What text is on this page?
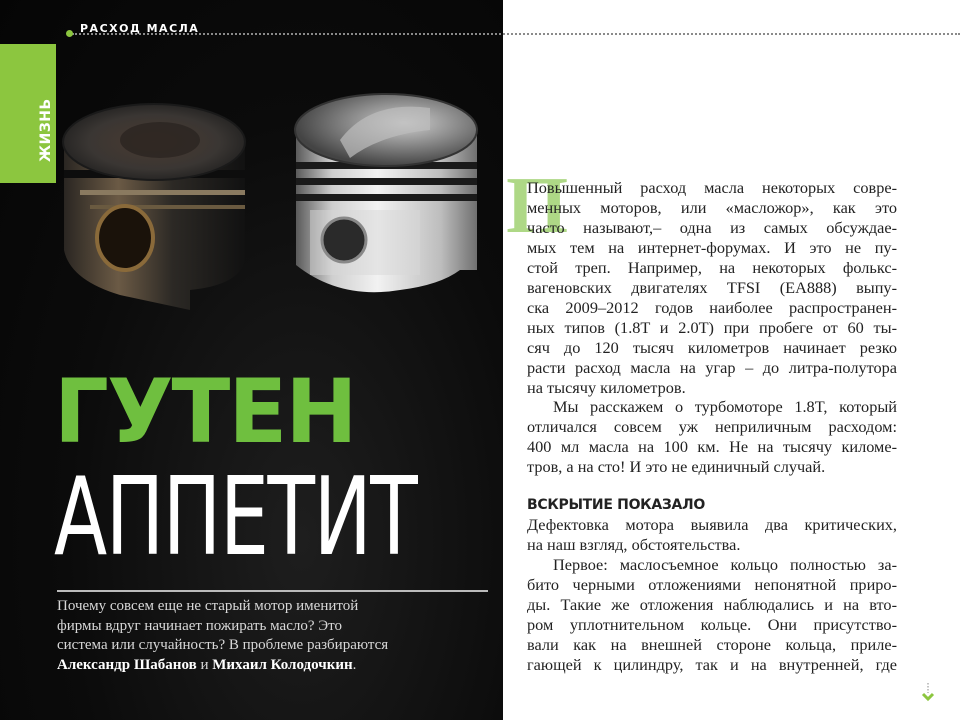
РАСХОД МАСЛА
ЖИЗНЬ
ГУТЕН
АППЕТИТ
Почему совсем еще не старый мотор именитой
фирмы вдруг начинает пожирать масло? Это
система или случайность? В проблеме разбираются
Александр Шабанов и Михаил Колодочкин.
П
Повышенный расход масла некоторых совре-
менных моторов, или «масложор», как это
часто называют,– одна из самых обсуждае-
мых тем на интернет-форумах. И это не пу-
стой треп. Например, на некоторых фолькс-
вагеновских двигателях TFSI (EA888) выпу-
ска 2009–2012 годов наиболее распространен-
ных типов (1.8T и 2.0T) при пробеге от 60 ты-
сяч до 120 тысяч километров начинает резко
расти расход масла на угар – до литра-полутора
на тысячу километров.
Мы расскажем о турбомоторе 1.8T, который
отличался совсем уж неприличным расходом:
400 мл масла на 100 км. Не на тысячу киломе-
тров, а на сто! И это не единичный случай.
ВСКРЫТИЕ ПОКАЗАЛО
Дефектовка мотора выявила два критических,
на наш взгляд, обстоятельства.
Первое: маслосъемное кольцо полностью за-
бито черными отложениями непонятной приро-
ды. Такие же отложения наблюдались и на вто-
ром уплотнительном кольце. Они присутство-
вали как на внешней стороне кольца, приле-
гающей к цилиндру, так и на внутренней, где
